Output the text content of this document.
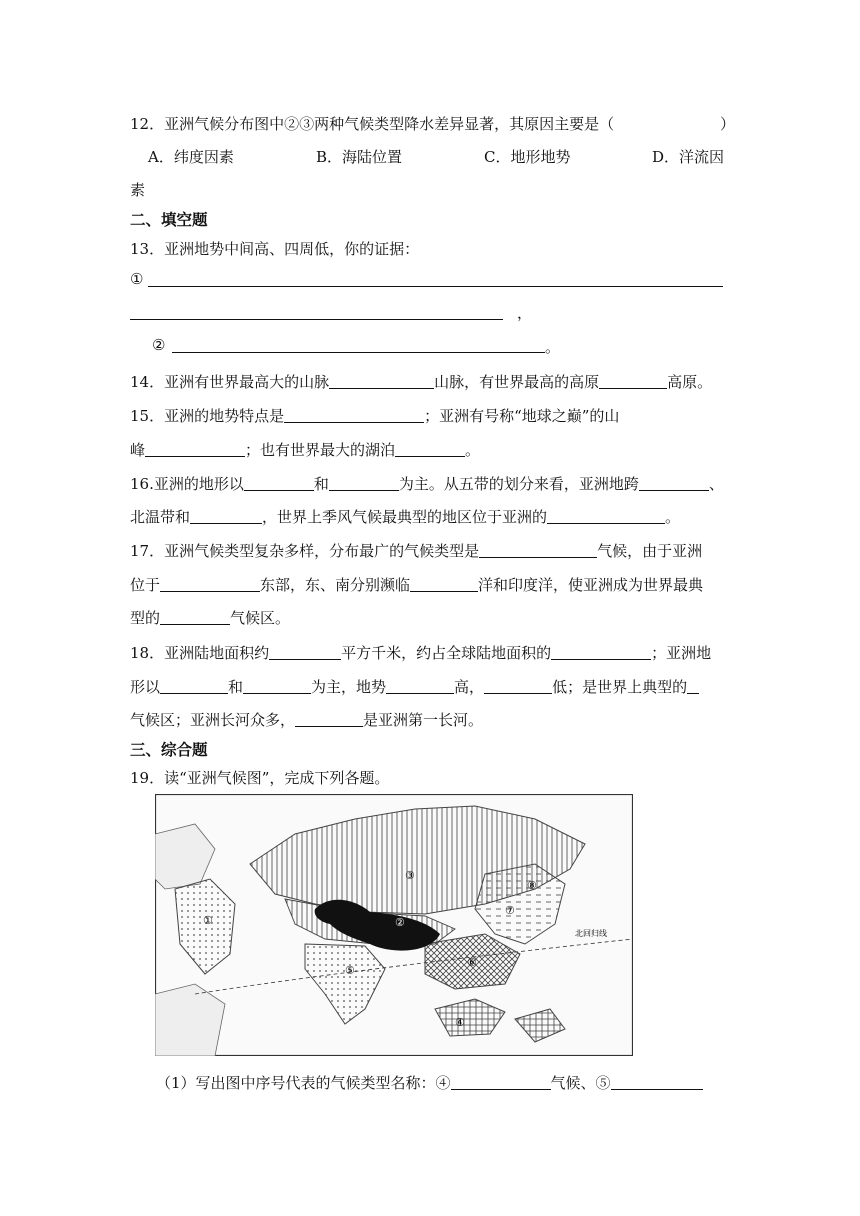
12．亚洲气候分布图中②③两种气候类型降水差异显著，其原因主要是（	）
A．纬度因素	B．海陆位置	C．地形地势	D．洋流因
素
二、填空题
13．亚洲地势中间高、四周低，你的证据：
①
，
②	。
14．亚洲有世界最高大的山脉	山脉，有世界最高的高原	高原。
15．亚洲的地势特点是	；亚洲有号称“地球之巅”的山
峰	；也有世界最大的湖泊	。
16.亚洲的地形以	和	为主。从五带的划分来看，亚洲地跨	、
北温带和	，世界上季风气候最典型的地区位于亚洲的	。
17．亚洲气候类型复杂多样，分布最广的气候类型是	气候，由于亚洲
位于	东部，东、南分别濒临	洋和印度洋，使亚洲成为世界最典
型的	气候区。
18．亚洲陆地面积约	平方千米，约占全球陆地面积的	；亚洲地
形以	和	为主，地势	高，	低；是世界上典型的
气候区；亚洲长河众多，	是亚洲第一长河。
三、综合题
19．读“亚洲气候图”，完成下列各题。
①	②
③
④
⑤
⑥
⑦
⑧
北回归线
（1）写出图中序号代表的气候类型名称：④	气候、⑤
